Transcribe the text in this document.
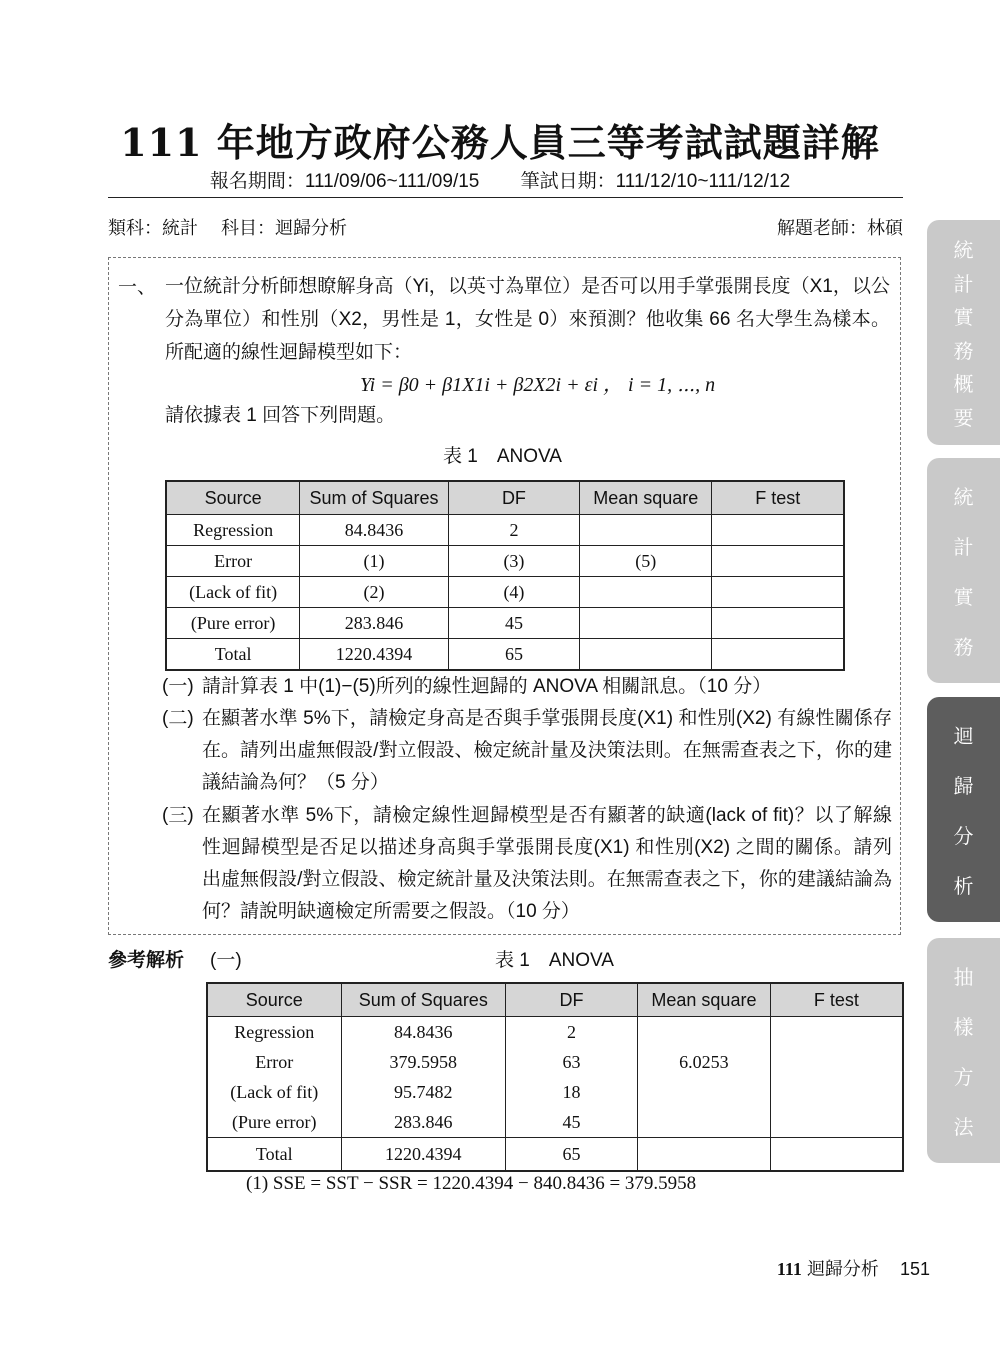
111 年地方政府公務人員三等考試試題詳解
報名期間：111/09/06~111/09/15 筆試日期：111/12/10~111/12/12
類科：統計 科目：迴歸分析	解題老師：林碩
一、 一位統計分析師想瞭解身高（Yi，以英寸為單位）是否可以用手掌張開長度（X1，以公分為單位）和性別（X2，男性是 1，女性是 0）來預測？他收集 66 名大學生為樣本。所配適的線性迴歸模型如下：
Yi = β0 + β1X1i + β2X2i + εi ， i = 1, ⋯, n
請依據表 1 回答下列問題。
表 1　ANOVA
Source	Sum of Squares	DF	Mean square	F test
Regression	84.8436	2		
Error	(1)	(3)	(5)	
(Lack of fit)	(2)	(4)		
(Pure error)	283.846	45		
Total	1220.4394	65		
(一) 請計算表 1 中(1)−(5)所列的線性迴歸的 ANOVA 相關訊息。（10 分）
(二) 在顯著水準 5%下，請檢定身高是否與手掌張開長度(X1) 和性別(X2) 有線性關係存在。請列出虛無假設/對立假設、檢定統計量及決策法則。在無需查表之下，你的建議結論為何？（5 分）
(三) 在顯著水準 5%下，請檢定線性迴歸模型是否有顯著的缺適(lack of fit)？以了解線性迴歸模型是否足以描述身高與手掌張開長度(X1) 和性別(X2) 之間的關係。請列出虛無假設/對立假設、檢定統計量及決策法則。在無需查表之下，你的建議結論為何？請說明缺適檢定所需要之假設。（10 分）
參考解析 (一)	表 1　ANOVA
Source	Sum of Squares	DF	Mean square	F test
Regression	84.8436	2		
Error	379.5958	63	6.0253	
(Lack of fit)	95.7482	18		
(Pure error)	283.846	45		
Total	1220.4394	65		
(1) SSE = SST − SSR = 1220.4394 − 840.8436 = 379.5958
111 迴歸分析 151
統
計
實
務
概
要
統
計
實
務
迴
歸
分
析
抽
樣
方
法
